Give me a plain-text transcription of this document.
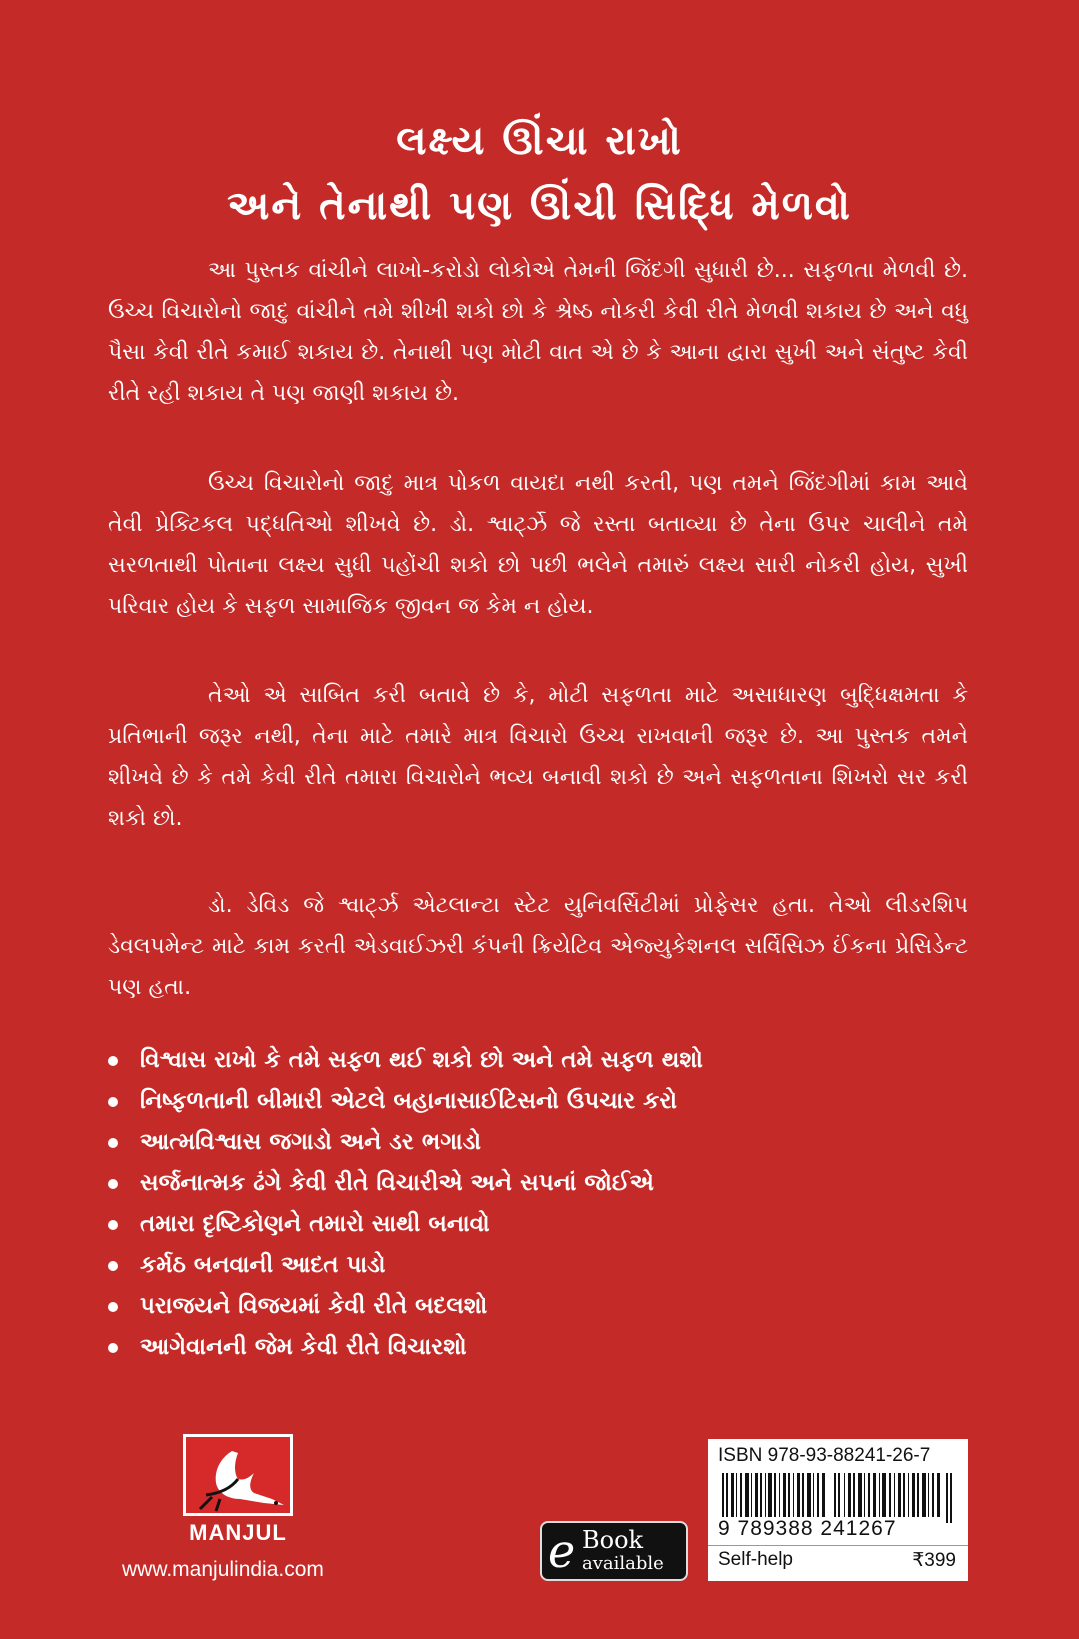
લક્ષ્ય ઊંચા રાખો
અને તેનાથી પણ ઊંચી સિદ્ધિ મેળવો

આ પુસ્તક વાંચીને લાખો-કરોડો લોકોએ તેમની જિંદગી સુધારી છે... સફળતા મેળવી છે. ઉચ્ચ વિચારોનો જાદુ વાંચીને તમે શીખી શકો છો કે શ્રેષ્ઠ નોકરી કેવી રીતે મેળવી શકાય છે અને વધુ પૈસા કેવી રીતે કમાઈ શકાય છે. તેનાથી પણ મોટી વાત એ છે કે આના દ્વારા સુખી અને સંતુષ્ટ કેવી રીતે રહી શકાય તે પણ જાણી શકાય છે.

ઉચ્ચ વિચારોનો જાદુ માત્ર પોકળ વાયદા નથી કરતી, પણ તમને જિંદગીમાં કામ આવે તેવી પ્રેક્ટિકલ પદ્ધતિઓ શીખવે છે. ડો. શ્વાર્ટ્ઝે જે રસ્તા બતાવ્યા છે તેના ઉપર ચાલીને તમે સરળતાથી પોતાના લક્ષ્ય સુધી પહોંચી શકો છો પછી ભલેને તમારું લક્ષ્ય સારી નોકરી હોય, સુખી પરિવાર હોય કે સફળ સામાજિક જીવન જ કેમ ન હોય.

તેઓ એ સાબિત કરી બતાવે છે કે, મોટી સફળતા માટે અસાધારણ બુદ્ધિક્ષમતા કે પ્રતિભાની જરૂર નથી, તેના માટે તમારે માત્ર વિચારો ઉચ્ચ રાખવાની જરૂર છે. આ પુસ્તક તમને શીખવે છે કે તમે કેવી રીતે તમારા વિચારોને ભવ્ય બનાવી શકો છે અને સફળતાના શિખરો સર કરી શકો છો.

ડો. ડેવિડ જે શ્વાર્ટ્ઝ એટલાન્ટા સ્ટેટ યુનિવર્સિટીમાં પ્રોફેસર હતા. તેઓ લીડરશિપ ડેવલપમેન્ટ માટે કામ કરતી એડવાઈઝરી કંપની ક્રિયેટિવ એજ્યુકેશનલ સર્વિસિઝ ઈંકના પ્રેસિડેન્ટ પણ હતા.

વિશ્વાસ રાખો કે તમે સફળ થઈ શકો છો અને તમે સફળ થશો
નિષ્ફળતાની બીમારી એટલે બહાનાસાઈટિસનો ઉપચાર કરો
આત્મવિશ્વાસ જગાડો અને ડર ભગાડો
સર્જનાત્મક ઢંગે કેવી રીતે વિચારીએ અને સપનાં જોઈએ
તમારા દૃષ્ટિકોણને તમારો સાથી બનાવો
કર્મઠ બનવાની આદત પાડો
પરાજયને વિજયમાં કેવી રીતે બદલશો
આગેવાનની જેમ કેવી રીતે વિચારશો
MANJUL
www.manjulindia.com	e Book
available
ISBN 978-93-88241-26-7
9 789388 241267
Self-help	₹399
